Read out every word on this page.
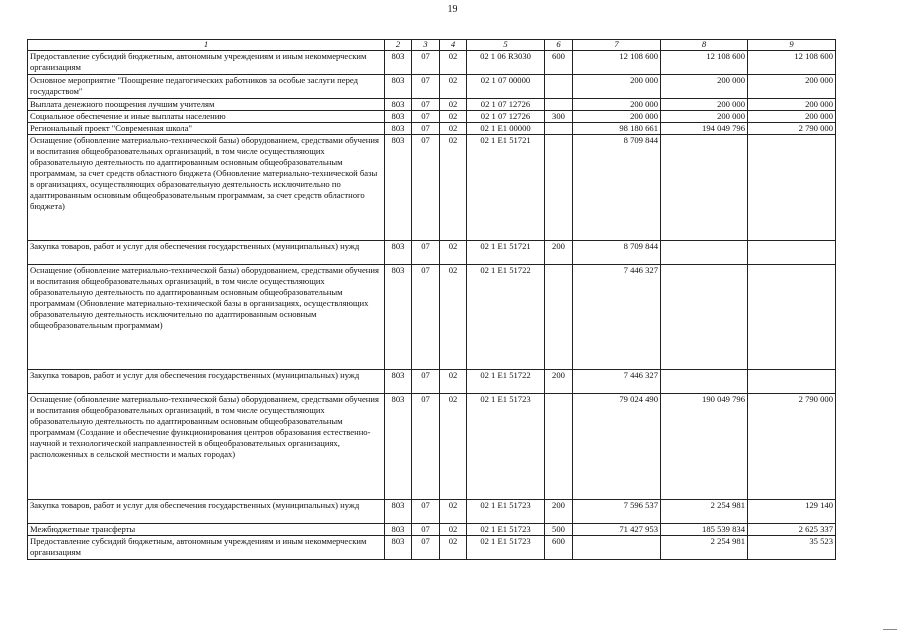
19
1	2	3	4	5	6	7	8	9
Предоставление субсидий бюджетным, автономным учреждениям и иным некоммерческим организациям	803	07	02	02 1 06 R3030	600	12 108 600	12 108 600	12 108 600
Основное мероприятие "Поощрение педагогических работников за особые заслуги перед государством"	803	07	02	02 1 07 00000		200 000	200 000	200 000
Выплата денежного поощрения лучшим учителям	803	07	02	02 1 07 12726		200 000	200 000	200 000
Социальное обеспечение и иные выплаты населению	803	07	02	02 1 07 12726	300	200 000	200 000	200 000
Региональный проект "Современная школа"	803	07	02	02 1 E1 00000		98 180 661	194 049 796	2 790 000
Оснащение (обновление материально-технической базы) оборудованием, средствами обучения и воспитания общеобразовательных организаций, в том числе осуществляющих образовательную деятельность по адаптированным основным общеобразовательным программам, за счет средств областного бюджета (Обновление материально-технической базы в организациях, осуществляющих образовательную деятельность исключительно по адаптированным основным общеобразовательным программам, за счет средств областного бюджета)	803	07	02	02 1 E1 51721		8 709 844		
Закупка товаров, работ и услуг для обеспечения государственных (муниципальных) нужд	803	07	02	02 1 E1 51721	200	8 709 844		
Оснащение (обновление материально-технической базы) оборудованием, средствами обучения и воспитания общеобразовательных организаций, в том числе осуществляющих образовательную деятельность по адаптированным основным общеобразовательным программам (Обновление материально-технической базы в организациях, осуществляющих образовательную деятельность исключительно по адаптированным основным общеобразовательным программам)	803	07	02	02 1 E1 51722		7 446 327		
Закупка товаров, работ и услуг для обеспечения государственных (муниципальных) нужд	803	07	02	02 1 E1 51722	200	7 446 327		
Оснащение (обновление материально-технической базы) оборудованием, средствами обучения и воспитания общеобразовательных организаций, в том числе осуществляющих образовательную деятельность по адаптированным основным общеобразовательным программам (Создание и обеспечение функционирования центров образования естественно-научной и технологической направленностей в общеобразовательных организациях, расположенных в сельской местности и малых городах)	803	07	02	02 1 E1 51723		79 024 490	190 049 796	2 790 000
Закупка товаров, работ и услуг для обеспечения государственных (муниципальных) нужд	803	07	02	02 1 E1 51723	200	7 596 537	2 254 981	129 140
Межбюджетные трансферты	803	07	02	02 1 E1 51723	500	71 427 953	185 539 834	2 625 337
Предоставление субсидий бюджетным, автономным учреждениям и иным некоммерческим организациям	803	07	02	02 1 E1 51723	600		2 254 981	35 523
